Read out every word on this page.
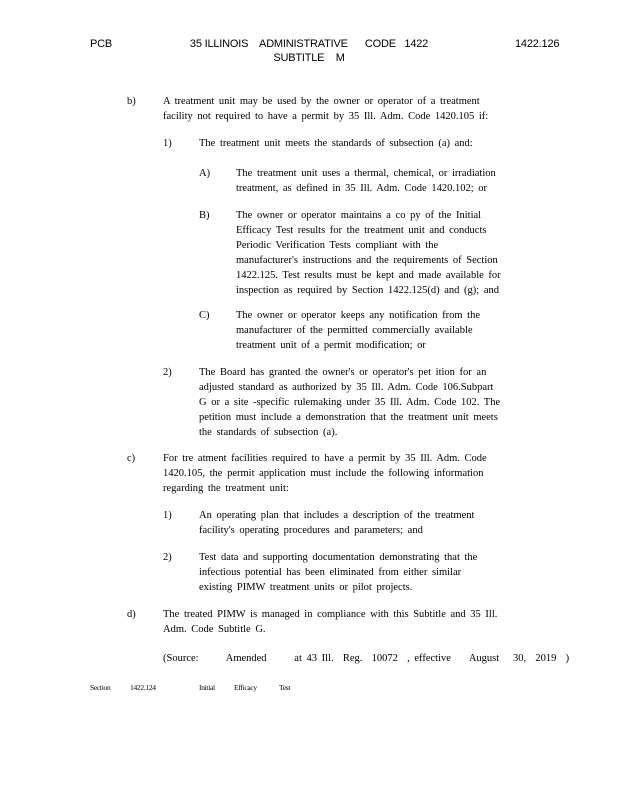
PCB	35 ILLINOIS    ADMINISTRATIVE      CODE   1422
SUBTITLE    M
1422.126
b)	A treatment unit may be used by the owner or operator of a treatment
facility not required to have a permit by 35 Ill. Adm. Code 1420.105 if:
1)	The treatment unit meets the standards of subsection (a) and:
A) The treatment unit uses a thermal, chemical, or irradiation
treatment, as defined in 35 Ill. Adm. Code 1420.102; or
B)	The owner or operator maintains a co py of the Initial
Efficacy Test results for the treatment unit and conducts
Periodic Verification Tests compliant with the
manufacturer's instructions and the requirements of Section
1422.125. Test results must be kept and made available for
inspection as required by Section 1422.125(d) and (g); and
C)	The owner or operator keeps any notification from the
manufacturer of the permitted commercially available
treatment unit of a permit modification; or
2)	The Board has granted the owner's or operator's pet ition for an
adjusted standard as authorized by 35 Ill. Adm. Code 106.Subpart
G or a site -specific rulemaking under 35 Ill. Adm. Code 102. The
petition must include a demonstration that the treatment unit meets
the standards of subsection (a).
c)	For tre atment facilities required to have a permit by 35 Ill. Adm. Code
1420.105, the permit application must include the following information
regarding the treatment unit:
1)	An operating plan that includes a description of the treatment
facility's operating procedures and parameters; and
2)	Test data and supporting documentation demonstrating that the
infectious potential has been eliminated from either similar
existing PIMW treatment units or pilot projects.
d)	The treated PIMW is managed in compliance with this Subtitle and 35 Ill.
Adm. Code Subtitle G.
(Source:      Amended      at 43 Ill.  Reg.  10072  , effective    August   30,  2019  )
Section	1422.124	Initial	Efficacy	Test
